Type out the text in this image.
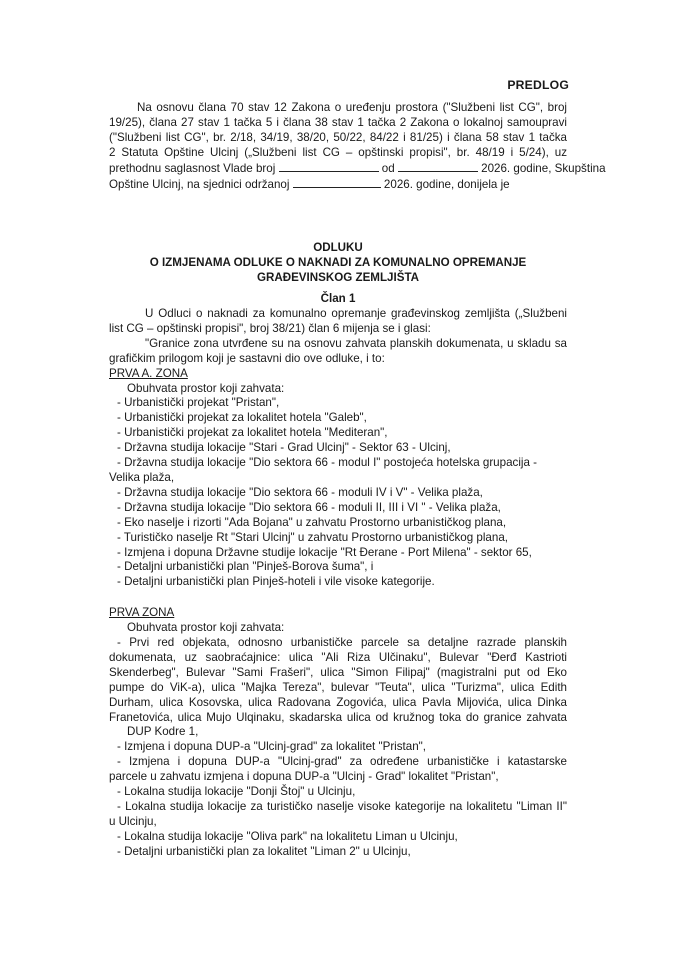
PREDLOG
Na osnovu člana 70 stav 12 Zakona o uređenju prostora ("Službeni list CG", broj
19/25), člana 27 stav 1 tačka 5 i člana 38 stav 1 tačka 2 Zakona o lokalnoj samoupravi
("Službeni list CG", br. 2/18, 34/19, 38/20, 50/22, 84/22 i 81/25) i člana 58 stav 1 tačka
2 Statuta Opštine Ulcinj („Službeni list CG – opštinski propisi", br. 48/19 i 5/24), uz
prethodnu saglasnost Vlade broj	od	2026. godine, Skupština
Opštine Ulcinj, na sjednici održanoj	2026. godine, donijela je
ODLUKU
O IZMJENAMA ODLUKE O NAKNADI ZA KOMUNALNO OPREMANJE
GRAĐEVINSKOG ZEMLJIŠTA
Član 1
U Odluci o naknadi za komunalno opremanje građevinskog zemljišta („Službeni
list CG – opštinski propisi", broj 38/21) član 6 mijenja se i glasi:
"Granice zona utvrđene su na osnovu zahvata planskih dokumenata, u skladu sa
grafičkim prilogom koji je sastavni dio ove odluke, i to:
PRVA A. ZONA
Obuhvata prostor koji zahvata:
- Urbanistički projekat "Pristan",
- Urbanistički projekat za lokalitet hotela "Galeb",
- Urbanistički projekat za lokalitet hotela "Mediteran",
- Državna studija lokacije "Stari - Grad Ulcinj" - Sektor 63 - Ulcinj,
- Državna studija lokacije "Dio sektora 66 - modul I" postojeća hotelska grupacija -
Velika plaža,
- Državna studija lokacije "Dio sektora 66 - moduli IV i V" - Velika plaža,
- Državna studija lokacije "Dio sektora 66 - moduli II, III i VI " - Velika plaža,
- Eko naselje i rizorti "Ada Bojana" u zahvatu Prostorno urbanističkog plana,
- Turističko naselje Rt "Stari Ulcinj" u zahvatu Prostorno urbanističkog plana,
- Izmjena i dopuna Državne studije lokacije "Rt Đerane - Port Milena" - sektor 65,
- Detaljni urbanistički plan "Pinješ-Borova šuma", i
- Detaljni urbanistički plan Pinješ-hoteli i vile visoke kategorije.
PRVA ZONA
Obuhvata prostor koji zahvata:
- Prvi red objekata, odnosno urbanističke parcele sa detaljne razrade planskih
dokumenata, uz saobraćajnice: ulica "Ali Riza Ulčinaku", Bulevar "Đerđ Kastrioti
Skenderbeg", Bulevar "Sami Frašeri", ulica "Simon Filipaj" (magistralni put od Eko
pumpe do ViK-a), ulica "Majka Tereza", bulevar "Teuta", ulica "Turizma", ulica Edith
Durham, ulica Kosovska, ulica Radovana Zogovića, ulica Pavla Mijovića, ulica Dinka
Franetovića, ulica Mujo Ulqinaku, skadarska ulica od kružnog toka do granice zahvata
DUP Kodre 1,
- Izmjena i dopuna DUP-a "Ulcinj-grad" za lokalitet "Pristan",
- Izmjena i dopuna DUP-a "Ulcinj-grad" za određene urbanističke i katastarske
parcele u zahvatu izmjena i dopuna DUP-a "Ulcinj - Grad" lokalitet "Pristan",
- Lokalna studija lokacije "Donji Štoj" u Ulcinju,
- Lokalna studija lokacije za turističko naselje visoke kategorije na lokalitetu "Liman II"
u Ulcinju,
- Lokalna studija lokacije "Oliva park" na lokalitetu Liman u Ulcinju,
- Detaljni urbanistički plan za lokalitet "Liman 2" u Ulcinju,
